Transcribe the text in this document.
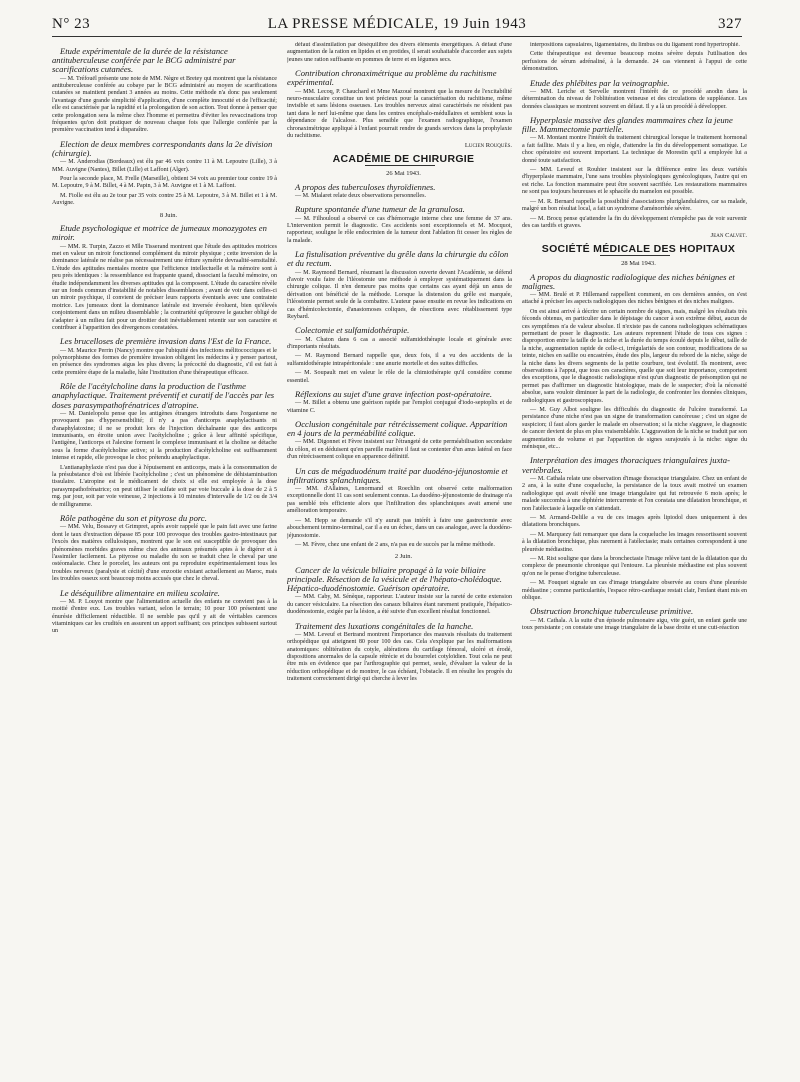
N° 23	LA PRESSE MÉDICALE, 19 Juin 1943	327

Etude expérimentale de la durée de la résistance antituberculeuse conférée par le BCG administré par scarifications cutanées.

— M. Tréfouël présente une note de MM. Nègre et Bretey qui montrent que la résistance antituberculeuse conférée au cobaye par le BCG administré au moyen de scarifications cutanées se maintient pendant 3 années au moins. Cette méthode n'a donc pas seulement l'avantage d'une grande simplicité d'application, d'une complète innocuité et de l'efficacité; elle est caractérisée par la rapidité et la prolongation de son action. Tout donne à penser que cette prolongation sera la même chez l'homme et permettra d'éviter les revaccinations trop fréquentes qu'on doit pratiquer de nouveau chaque fois que l'allergie conférée par la première vaccination tend à disparaître.

Election de deux membres correspondants dans la 2e division (chirurgie).

— M. Anderodias (Bordeaux) est élu par 46 voix contre 11 à M. Lepoutre (Lille), 3 à MM. Auvigne (Nantes), Billet (Lille) et Laffont (Alger).

Pour la seconde place, M. Frelle (Marseille), obtient 34 voix au premier tour contre 19 à M. Lepoutre, 9 à M. Billet, 4 à M. Papin, 3 à M. Auvigne et 1 à M. Laffont.

M. Fiolle est élu au 2e tour par 35 voix contre 25 à M. Lepoutre, 3 à M. Billet et 1 à M. Auvigne.

8 Juin.

Etude psychologique et motrice de jumeaux monozygotes en miroir.

— MM. R. Turpin, Zazzo et Mlle Tisserand montrent que l'étude des aptitudes motrices met en valeur un miroir fonctionnel complément du miroir physique ; cette inversion de la dominance latérale ne réalise pas nécessairement une ériture symétrie devraalité-sensitalité. L'étude des aptitudes mentales montre que l'efficience intellectuelle et la mémoire sont à peu près identiques : la ressemblance est frappante quand, dissociant la faculté mémoire, on étudie indépendamment les diverses aptitudes qui la composent. L'étude du caractère révèle sur un fonds commun d'instabilité de notables dissemblances ; avant de voir dans celles-ci un miroir psychique, il convient de préciser leurs rapports éventuels avec une contrainte motrice. Les jumeaux dont la dominance latérale est inversée évoluent, bien qu'élevés conjointement dans un milieu dissemblable ; la contrariété qu'éprouve le gaucher obligé de s'adapter à un milieu fait pour un droitier doit inévitablement retentir sur son caractère et contribuer à l'apparition des divergences constatées.

Les brucelloses de première invasion dans l'Est de la France.

— M. Maurice Perrin (Nancy) montre que l'ubiquité des infections mélitococciques et le polymorphisme des formes de première invasion obligent les médecins à y penser partout, en présence des syndromes aigus les plus divers; la précocité du diagnostic, s'il est fait à cette première étape de la maladie, hâte l'institution d'une thérapeutique efficace.

Rôle de l'acétylcholine dans la production de l'asthme anaphylactique. Traitement préventif et curatif de l'accès par les doses parasympathofrénatrices d'atropine.

— M. Danielopolu pense que les antigènes étrangers introduits dans l'organisme ne provoquent pas d'hypersensibilité; il n'y a pas d'anticorps anaphylactisants ni d'anaphylatoxine; il ne se produit lors de l'injection déchaînante que des anticorps immunisants, en étroite union avec l'acétylcholine ; grâce à leur affinité spécifique, l'antigène, l'anticorps et l'alexine forment le complexe immunisant et la choline se détache sous la forme d'acétylcholine active; si la production d'acétylcholine est suffisamment intense et rapide, elle provoque le choc prétendu anaphylactique.

L'antianaphylaxie n'est pas due à l'épuisement en anticorps, mais à la consommation de la présubstance d'où est libérée l'acétylcholine ; c'est un phénomène de déhistaminisation tissulaire. L'atropine est le médicament de choix si elle est employée à la dose parasympathofrénatrice; on peut utiliser le sulfate soit par voie buccale à la dose de 2 à 5 mg. par jour, soit par voie veineuse, 2 injections à 10 minutes d'intervalle de 1/2 ou de 3/4 de milligramme.

Rôle pathogène du son et pityrose du porc.

— MM. Velu, Bossavy et Grimpret, après avoir rappelé que le pain fait avec une farine dont le taux d'extraction dépasse 85 pour 100 provoque des troubles gastro-intestinaux par l'excès des matières cellulosiques, montrent que le son est susceptible de provoquer des phénomènes morbides graves même chez des animaux présumés aptes à le digérer et à l'assimiler facilement. La pityrose ou maladie du son se traduit chez le cheval par une ostéomalacie. Chez le porcelet, les auteurs ont pu reproduire expérimentalement tous les troubles nerveux (paralysie et cécité) d'une enzootie existant actuellement au Maroc, mais les troubles osseux sont beaucoup moins accusés que chez le cheval.

Le déséquilibre alimentaire en milieu scolaire.

— M. P. Louyot montre que l'alimentation actuelle des enfants ne convient pas à la moitié d'entre eux. Les troubles variant, selon le terrain; 10 pour 100 présentent une énurésie difficilement réductible. Il ne semble pas qu'il y ait de véritables carences vitaminiques car les crudités en assurent un apport suffisant; ces principes subissent surtout un

défaut d'assimilation par déséquilibre des divers éléments énergétiques. A défaut d'une augmentation de la ration en lipides et en protides, il serait souhaitable d'accorder aux sujets jeunes une ration suffisante en pommes de terre et en légumes secs.

Contribution chronaximétrique au problème du rachitisme expérimental.

— MM. Lecoq, P. Chauchard et Mme Mazoué montrent que la mesure de l'excitabilité neuro-musculaire constitue un test précieux pour la caractérisation du rachitisme, même invisible et sans lésions osseuses. Les troubles nerveux ainsi caractérisés ne résident pas tant dans le nerf lui-même que dans les centres encéphalo-médullaires et semblent sous la dépendance de l'alcalose. Plus sensible que l'examen radiographique, l'examen chronaximétrique appliqué à l'enfant pourrait rendre de grands services dans la prophylaxie du rachitisme.

Lucien Rouquès.

ACADÉMIE DE CHIRURGIE

26 Mai 1943.

A propos des tuberculoses thyroïdiennes.

— M. Mialaret relate deux observations personnelles.

Rupture spontanée d'une tumeur de la granulosa.

— M. Filhouloud a observé ce cas d'hémorragie interne chez une femme de 37 ans. L'intervention permit le diagnostic. Ces accidents sont exceptionnels et M. Mocquot, rapporteur, souligne le rôle endocrinien de la tumeur dont l'ablation fit cesser les règles de la malade.

La fistulisation préventive du grêle dans la chirurgie du côlon et du rectum.

— M. Raymond Bernard, résumant la discussion ouverte devant l'Académie, se défend d'avoir voulu faire de l'iléostomie une méthode à employer systématiquement dans la chirurgie colique. Il n'en demeure pas moins que certains cas ayant déjà un anus de dérivation ont bénéficié de la méthode. Lorsque la distension du grêle est marquée, l'iléostomie permet seule de la combattre. L'auteur passe ensuite en revue les indications en cas d'hémicolectomie, d'anastomoses coliques, de résections avec rétablissement type Reybard.

Colectomie et sulfamidothérapie.

— M. Chaton dans 6 cas a associé sulfamidothérapie locale et générale avec d'importants résultats.

— M. Raymond Bernard rappelle que, deux fois, il a vu des accidents de la sulfamidothérapie intrapéritonéale : une anurie mortelle et des suites difficiles.

— M. Soupault met en valeur le rôle de la chimiothérapie qu'il considère comme essentiel.

Réflexions au sujet d'une grave infection post-opératoire.

— M. Billet a obtenu une guérison rapide par l'emploi conjugué d'iodo-septoplix et de vitamine C.

Occlusion congénitale par rétrécissement colique. Apparition en 4 jours de la perméabilité colique.

— MM. Digonnet et Fèvre insistent sur l'étrangeté de cette perméabilisation secondaire du côlon, et en déduisent qu'en pareille matière il faut se contenter d'un anus latéral en face d'un rétrécissement colique en apparence définitif.

Un cas de mégaduodénum traité par duodéno-jéjunostomie et infiltrations splanchniques.

— MM. d'Allaines, Lenormand et Roechlin ont observé cette malformation exceptionnelle dont 11 cas sont seulement connus. La duodéno-jéjunostomie de drainage n'a pas semblé très efficiente alors que l'infiltration des splanchniques avait amené une amélioration temporaire.

— M. Hepp se demande s'il n'y aurait pas intérêt à faire une gastrectomie avec abouchement termino-terminal, car il a eu un échec, dans un cas analogue, avec la duodéno-jéjunostomie.

— M. Fèvre, chez une enfant de 2 ans, n'a pas eu de succès par la même méthode.

2 Juin.

Cancer de la vésicule biliaire propagé à la voie biliaire principale. Résection de la vésicule et de l'hépato-cholédoque. Hépatico-duodénostomie. Guérison opératoire.

— MM. Caby, M. Sénèque, rapporteur. L'auteur insiste sur la rareté de cette extension du cancer vésiculaire. La résection des canaux biliaires étant rarement pratiquée, l'hépatico-duodénostomie, exigée par la lésion, a été suivie d'un excellent résultat fonctionnel.

Traitement des luxations congénitales de la hanche.

— MM. Leveuf et Bertrand montrent l'importance des mauvais résultats du traitement orthopédique qui atteignent 80 pour 100 des cas. Cela s'explique par les malformations anatomiques: oblitération du cotyle, altérations du cartilage fémoral, ulcéré et érodé, dispositions anormales de la capsule rétrécie et du bourrelet cotyloïdien. Tout cela ne peut être mis en évidence que par l'arthrographie qui permet, seule, d'évaluer la valeur de la réduction orthopédique et de montrer, le cas échéant, l'obstacle. Il en résulte les progrès du traitement correctement dirigé qui cherche à lever les

interpositions capsulaires, ligamentaires, du limbus ou du ligament rond hypertrophié.

Cette thérapeutique est devenue beaucoup moins sévère depuis l'utilisation des perfusions de sérum adrénaliné, à la demande. 24 cas viennent à l'appui de cette démonstration.

Etude des phlébites par la veinographie.

— MM. Leriche et Servelle montrent l'intérêt de ce procédé anodin dans la détermination du niveau de l'oblitération veineuse et des circulations de suppléance. Les données classiques se montrent souvent en défaut. Il y a là un procédé à développer.

Hyperplasie massive des glandes mammaires chez la jeune fille. Mammectomie partielle.

— M. Montant montre l'intérêt du traitement chirurgical lorsque le traitement hormonal a fait faillite. Mais il y a lieu, en règle, d'attendre la fin du développement somatique. Le choc opératoire est souvent important. La technique de Morestin qu'il a employée lui a donné toute satisfaction.

— MM. Leveuf et Rouhier insistent sur la différence entre les deux variétés d'hyperplasie mammaire, l'une sans troubles physiologiques gynécologiques, l'autre qui en est riche. La fonction mammaire peut être souvent sacrifiée. Les restaurations mammaires ne sont pas toujours heureuses et le sphacèle du mamelon est possible.

— M. R. Bernard rappelle la possibilité d'associations pluriglandulaires, car sa malade, malgré un bon résultat local, a fait un syndrome d'aménorrhée sévère.

— M. Brocq pense qu'attendre la fin du développement n'empêche pas de voir survenir des cas tardifs et graves.

Jean Calvet.

SOCIÉTÉ MÉDICALE DES HOPITAUX

28 Mai 1943.

A propos du diagnostic radiologique des niches bénignes et malignes.

— MM. Brulé et P. Hillemand rappellent comment, en ces dernières années, on s'est attaché à préciser les aspects radiologiques des niches bénignes et des niches malignes.

On est ainsi arrivé à décrire un certain nombre de signes, mais, malgré les résultats très féconds obtenus, en particulier dans le dépistage du cancer à son extrême début, aucun de ces symptômes n'a de valeur absolue. Il n'existe pas de canons radiologiques schématiques permettant de poser le diagnostic. Les auteurs reprennent l'étude de tous ces signes : disproportion entre la taille de la niche et la durée du temps écoulé depuis le début, taille de la niche, augmentation rapide de celle-ci, irrégularités de son contour, modifications de sa teinte, niches en saillie ou encastrées, étude des plis, largeur du rebord de la niche, siège de la niche dans les divers segments de la petite courbure, test évolutif. Ils montrent, avec observations à l'appui, que tous ces caractères, quelle que soit leur importance, comportent des exceptions, que le diagnostic radiologique n'est qu'un diagnostic de présomption qui ne permet pas d'affirmer un diagnostic histologique, mais de le suspecter; d'où la nécessité absolue, sans vouloir diminuer la part de la radiologie, de confronter les données cliniques, radiologiques et gastroscopiques.

— M. Guy Albot souligne les difficultés du diagnostic de l'ulcère transformé. La persistance d'une niche n'est pas un signe de transformation cancéreuse ; c'est un signe de suspicion; il faut alors garder le malade en observation; si la niche s'aggrave, le diagnostic de cancer devient de plus en plus vraisemblable. L'aggravation de la niche se traduit par son augmentation de volume et par l'apparition de signes surajoutés à la niche: signe du ménisque, etc...

Interprétation des images thoraciques triangulaires juxta-vertébrales.

— M. Cathala relate une observation d'image thoracique triangulaire. Chez un enfant de 2 ans, à la suite d'une coqueluche, la persistance de la toux avait motivé un examen radiologique qui avait révélé une image triangulaire qui fut retrouvée 6 mois après; le malade succomba à une diphtérie intercurrente et l'on constata une dilatation bronchique, et non l'atélectasie à laquelle on s'attendait.

— M. Armand-Delille a vu de ces images après lipiodol dues uniquement à des dilatations bronchiques.

— M. Marquezy fait remarquer que dans la coqueluche les images ressortissent souvent à la dilatation bronchique, plus rarement à l'atélectasie; mais certaines correspondent à une pleurésie médiastine.

— M. Rist souligne que dans la bronchectasie l'image relève tant de la dilatation que du complexe de pneumonie chronique qui l'entoure. La pleurésie médiastine est plus souvent qu'on ne le pense d'origine tuberculeuse.

— M. Fouquet signale un cas d'image triangulaire observée au cours d'une pleurésie médiastine ; comme particularités, l'espace rétro-cardiaque restait clair, l'enfant étant mis en oblique.

Obstruction bronchique tuberculeuse primitive.

— M. Cathala. A la suite d'un épisode pulmonaire aigu, vite guéri, un enfant garde une toux persistante ; on constate une image triangulaire de la base droite et une cuti-réaction
